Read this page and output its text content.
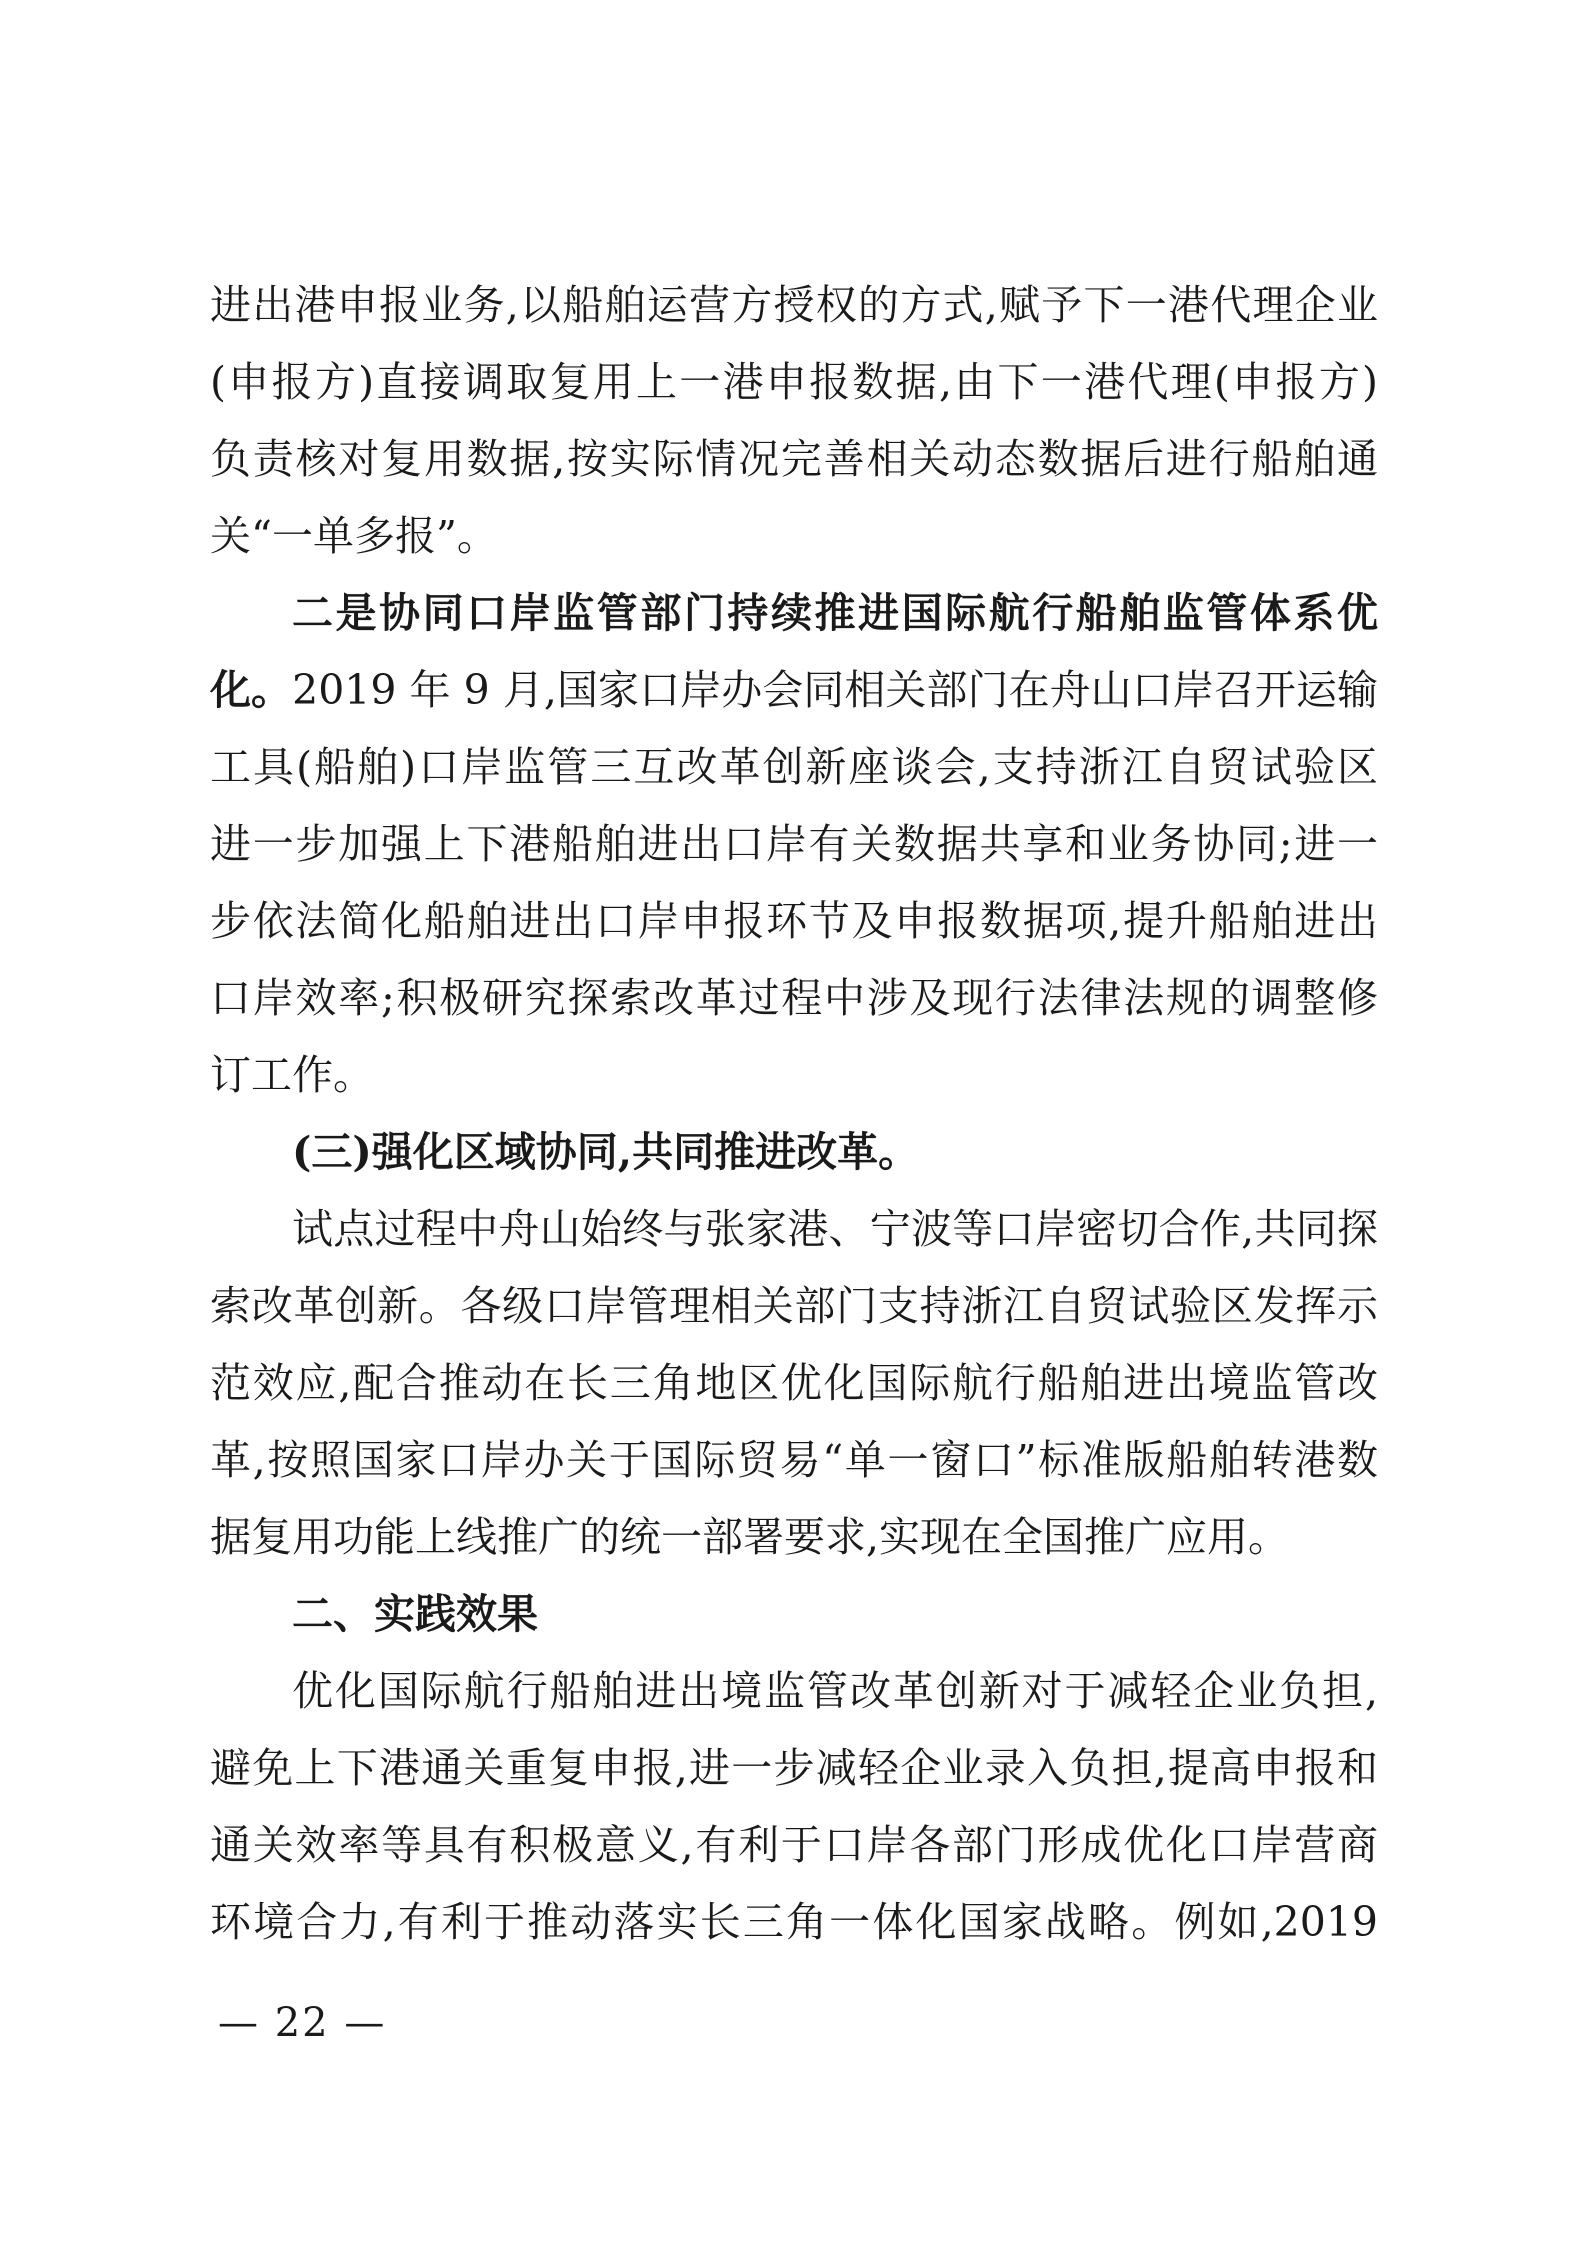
进出港申报业务,以船舶运营方授权的方式,赋予下一港代理企业
(申报方)直接调取复用上一港申报数据,由下一港代理(申报方)
负责核对复用数据,按实际情况完善相关动态数据后进行船舶通
关“一单多报”。
二是协同口岸监管部门持续推进国际航行船舶监管体系优
化。2019 年 9 月,国家口岸办会同相关部门在舟山口岸召开运输
工具(船舶)口岸监管三互改革创新座谈会,支持浙江自贸试验区
进一步加强上下港船舶进出口岸有关数据共享和业务协同;进一
步依法简化船舶进出口岸申报环节及申报数据项,提升船舶进出
口岸效率;积极研究探索改革过程中涉及现行法律法规的调整修
订工作。
(三)强化区域协同,共同推进改革。
试点过程中舟山始终与张家港、宁波等口岸密切合作,共同探
索改革创新。各级口岸管理相关部门支持浙江自贸试验区发挥示
范效应,配合推动在长三角地区优化国际航行船舶进出境监管改
革,按照国家口岸办关于国际贸易“单一窗口”标准版船舶转港数
据复用功能上线推广的统一部署要求,实现在全国推广应用。
二、实践效果
优化国际航行船舶进出境监管改革创新对于减轻企业负担,
避免上下港通关重复申报,进一步减轻企业录入负担,提高申报和
通关效率等具有积极意义,有利于口岸各部门形成优化口岸营商
环境合力,有利于推动落实长三角一体化国家战略。例如,2019
— 22 —
